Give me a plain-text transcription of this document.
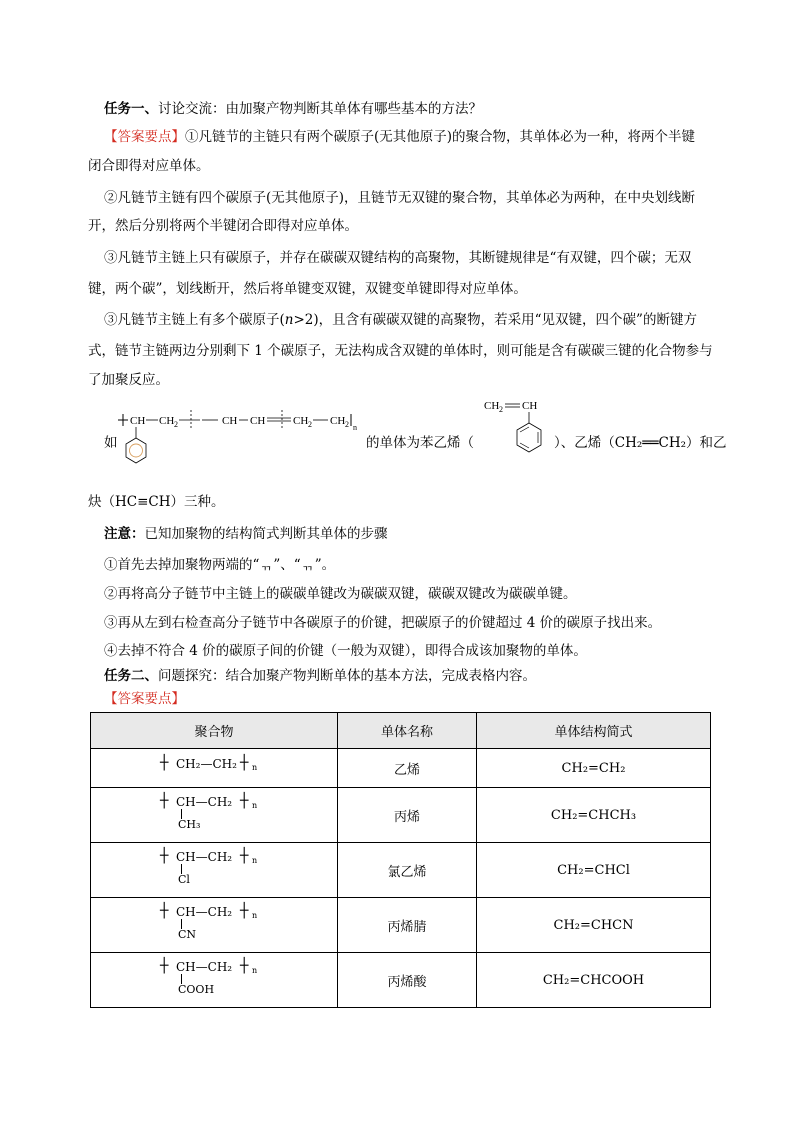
任务一、讨论交流：由加聚产物判断其单体有哪些基本的方法？
【答案要点】①凡链节的主链只有两个碳原子(无其他原子)的聚合物，其单体必为一种，将两个半键
闭合即得对应单体。
②凡链节主链有四个碳原子(无其他原子)，且链节无双键的聚合物，其单体必为两种，在中央划线断
开，然后分别将两个半键闭合即得对应单体。
③凡链节主链上只有碳原子，并存在碳碳双键结构的高聚物，其断键规律是“有双键，四个碳；无双
键，两个碳”，划线断开，然后将单键变双键，双键变单键即得对应单体。
③凡链节主链上有多个碳原子(n>2)，且含有碳碳双键的高聚物，若采用“见双键，四个碳”的断键方
式，链节主链两边分别剩下 1 个碳原子，无法构成含双键的单体时，则可能是含有碳碳三键的化合物参与
了加聚反应。
如
CH CH 2	CH CH	CH 2 CH 2 n
的单体为苯乙烯（
CH 2 CH
）、乙烯（CH₂══CH₂）和乙
炔（HC≡CH）三种。
注意：已知加聚物的结构简式判断其单体的步骤
①首先去掉加聚物两端的“ᆩ”、“ᆩ”。
②再将高分子链节中主链上的碳碳单键改为碳碳双键，碳碳双键改为碳碳单键。
③再从左到右检查高分子链节中各碳原子的价键，把碳原子的价键超过 4 价的碳原子找出来。
④去掉不符合 4 价的碳原子间的价键（一般为双键），即得合成该加聚物的单体。
任务二、问题探究：结合加聚产物判断单体的基本方法，完成表格内容。
【答案要点】
聚合物	单体名称	单体结构简式

┼ CH₂—CH₂ ┼ n	乙烯	CH₂=CH₂

┼ CH—CH₂ ┼ n
CH₃	丙烯	CH₂=CHCH₃

┼ CH—CH₂ ┼ n
Cl	氯乙烯	CH₂=CHCl

┼ CH—CH₂ ┼ n
CN	丙烯腈	CH₂=CHCN

┼ CH—CH₂ ┼ n
COOH	丙烯酸	CH₂=CHCOOH
